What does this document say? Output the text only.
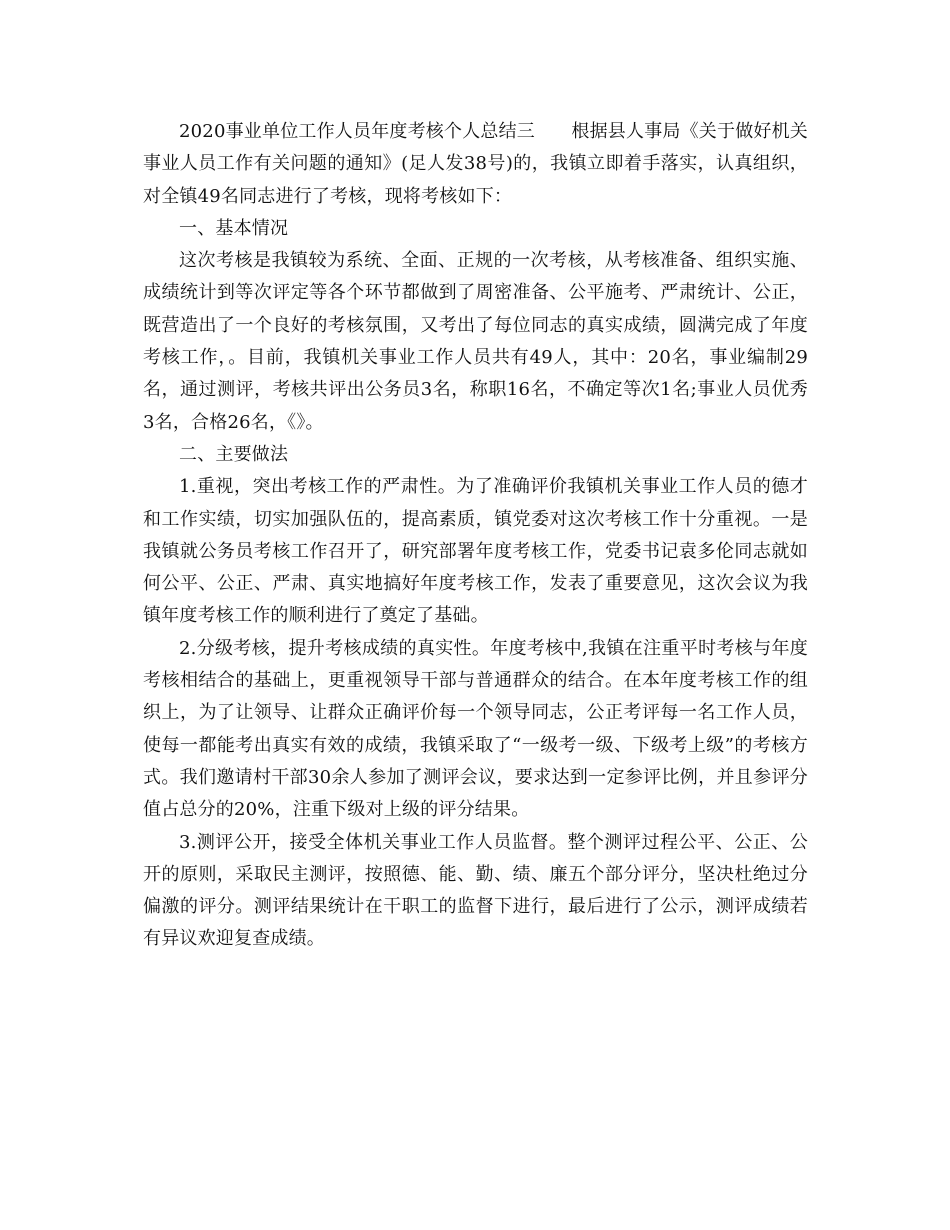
2020事业单位工作人员年度考核个人总结三　　根据县人事局《关于做好机关事业人员工作有关问题的通知》(足人发38号)的，我镇立即着手落实，认真组织，对全镇49名同志进行了考核，现将考核如下：

一、基本情况

这次考核是我镇较为系统、全面、正规的一次考核，从考核准备、组织实施、成绩统计到等次评定等各个环节都做到了周密准备、公平施考、严肃统计、公正，既营造出了一个良好的考核氛围，又考出了每位同志的真实成绩，圆满完成了年度考核工作，。目前，我镇机关事业工作人员共有49人，其中：20名，事业编制29名，通过测评，考核共评出公务员3名，称职16名，不确定等次1名;事业人员优秀3名，合格26名，《》。

二、主要做法

1.重视，突出考核工作的严肃性。为了准确评价我镇机关事业工作人员的德才和工作实绩，切实加强队伍的，提高素质，镇党委对这次考核工作十分重视。一是我镇就公务员考核工作召开了，研究部署年度考核工作，党委书记袁多伦同志就如何公平、公正、严肃、真实地搞好年度考核工作，发表了重要意见，这次会议为我镇年度考核工作的顺利进行了奠定了基础。

2.分级考核，提升考核成绩的真实性。年度考核中,我镇在注重平时考核与年度考核相结合的基础上，更重视领导干部与普通群众的结合。在本年度考核工作的组织上，为了让领导、让群众正确评价每一个领导同志，公正考评每一名工作人员，使每一都能考出真实有效的成绩，我镇采取了“一级考一级、下级考上级”的考核方式。我们邀请村干部30余人参加了测评会议，要求达到一定参评比例，并且参评分值占总分的20%，注重下级对上级的评分结果。

3.测评公开，接受全体机关事业工作人员监督。整个测评过程公平、公正、公开的原则，采取民主测评，按照德、能、勤、绩、廉五个部分评分，坚决杜绝过分偏激的评分。测评结果统计在干职工的监督下进行，最后进行了公示，测评成绩若有异议欢迎复查成绩。
